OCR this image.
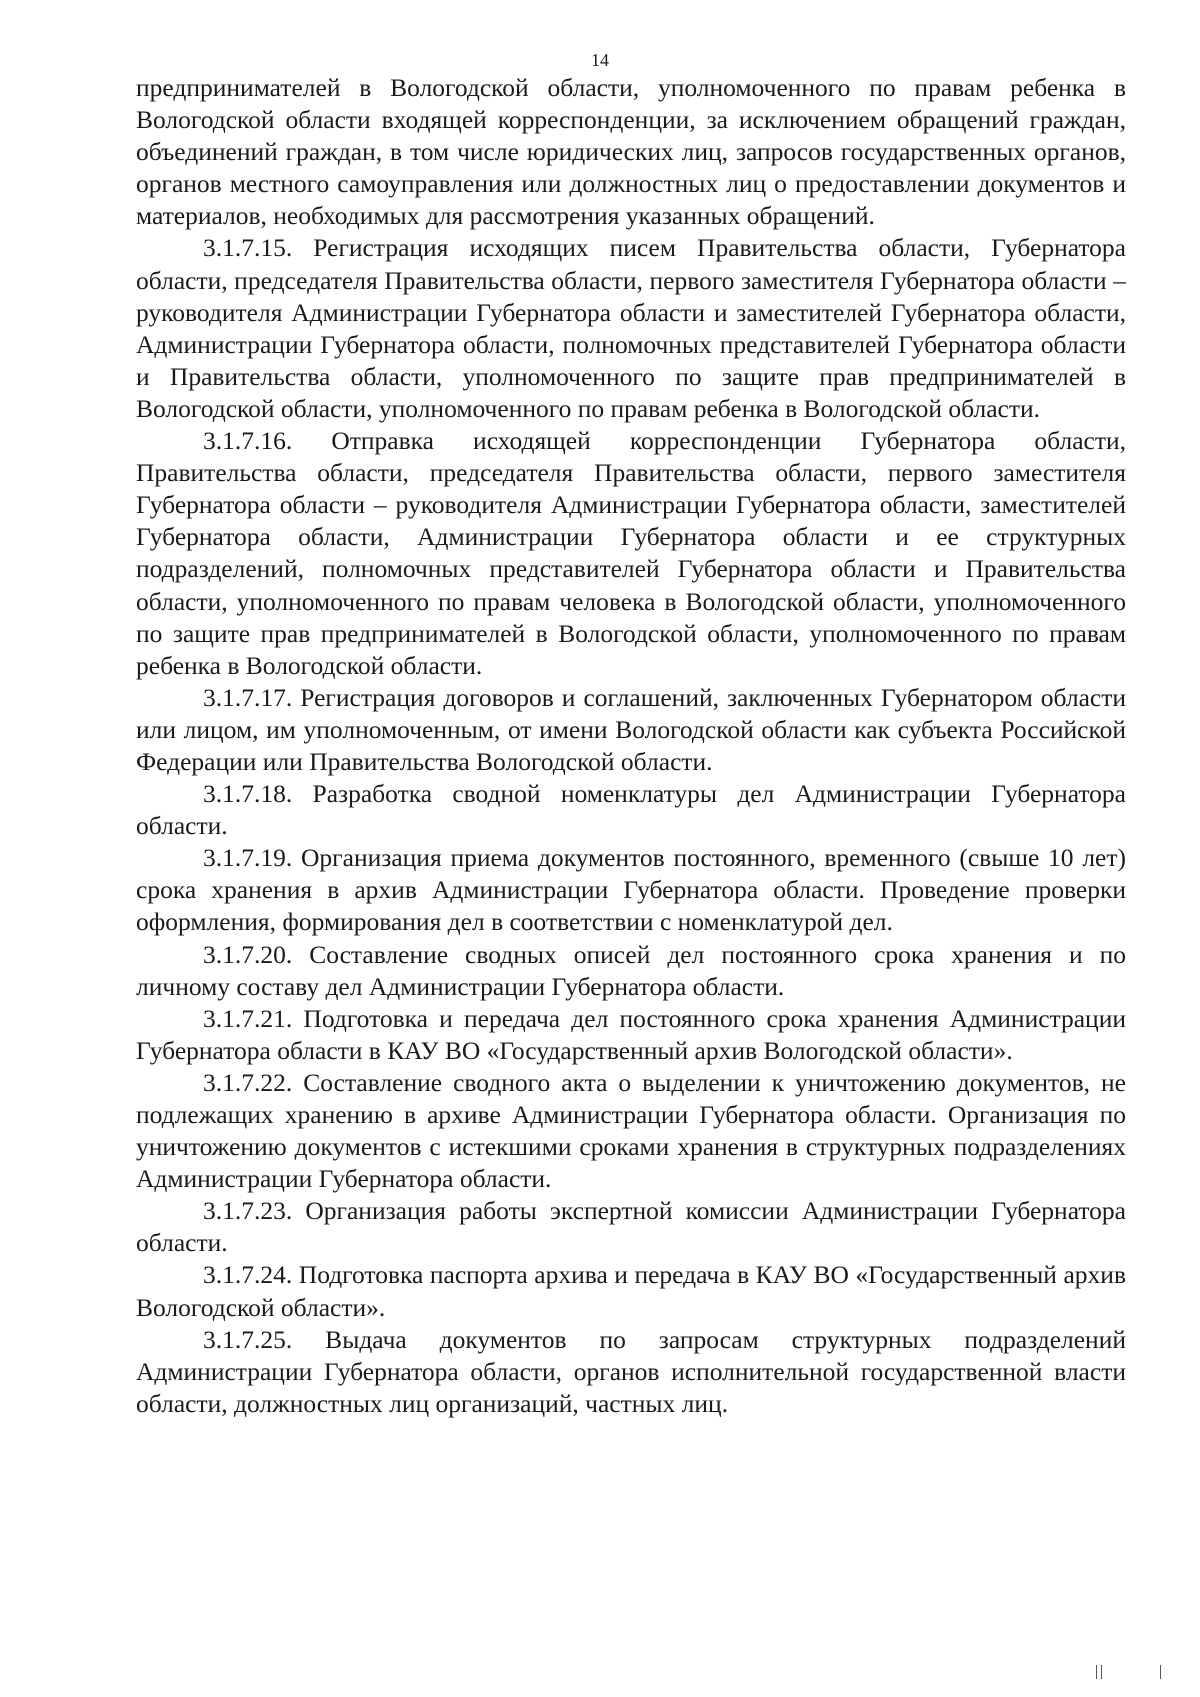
14

предпринимателей в Вологодской области, уполномоченного по правам ребенка в Вологодской области входящей корреспонденции, за исключением обращений граждан, объединений граждан, в том числе юридических лиц, запросов государственных органов, органов местного самоуправления или должностных лиц о предоставлении документов и материалов, необходимых для рассмотрения указанных обращений.

3.1.7.15. Регистрация исходящих писем Правительства области, Губернатора области, председателя Правительства области, первого заместителя Губернатора области – руководителя Администрации Губернатора области и заместителей Губернатора области, Администрации Губернатора области, полномочных представителей Губернатора области и Правительства области, уполномоченного по защите прав предпринимателей в Вологодской области, уполномоченного по правам ребенка в Вологодской области.

3.1.7.16. Отправка исходящей корреспонденции Губернатора области, Правительства области, председателя Правительства области, первого заместителя Губернатора области – руководителя Администрации Губернатора области, заместителей Губернатора области, Администрации Губернатора области и ее структурных подразделений, полномочных представителей Губернатора области и Правительства области, уполномоченного по правам человека в Вологодской области, уполномоченного по защите прав предпринимателей в Вологодской области, уполномоченного по правам ребенка в Вологодской области.

3.1.7.17. Регистрация договоров и соглашений, заключенных Губернатором области или лицом, им уполномоченным, от имени Вологодской области как субъекта Российской Федерации или Правительства Вологодской области.

3.1.7.18. Разработка сводной номенклатуры дел Администрации Губернатора области.

3.1.7.19. Организация приема документов постоянного, временного (свыше 10 лет) срока хранения в архив Администрации Губернатора области. Проведение проверки оформления, формирования дел в соответствии с номенклатурой дел.

3.1.7.20. Составление сводных описей дел постоянного срока хранения и по личному составу дел Администрации Губернатора области.

3.1.7.21. Подготовка и передача дел постоянного срока хранения Администрации Губернатора области в КАУ ВО «Государственный архив Вологодской области».

3.1.7.22. Составление сводного акта о выделении к уничтожению документов, не подлежащих хранению в архиве Администрации Губернатора области. Организация по уничтожению документов с истекшими сроками хранения в структурных подразделениях Администрации Губернатора области.

3.1.7.23. Организация работы экспертной комиссии Администрации Губернатора области.

3.1.7.24. Подготовка паспорта архива и передача в КАУ ВО «Государственный архив Вологодской области».

3.1.7.25. Выдача документов по запросам структурных подразделений Администрации Губернатора области, органов исполнительной государственной власти области, должностных лиц организаций, частных лиц.
